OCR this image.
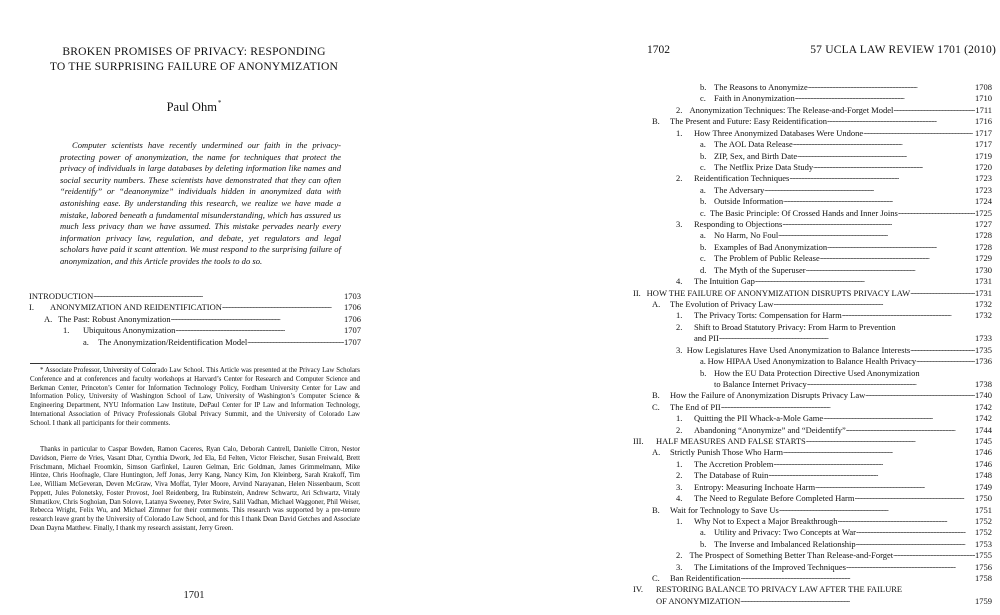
BROKEN PROMISES OF PRIVACY: RESPONDING
TO THE SURPRISING FAILURE OF ANONYMIZATION
Paul Ohm*

Computer scientists have recently undermined our faith in the privacy-protecting power of anonymization, the name for techniques that protect the privacy of individuals in large databases by deleting information like names and social security numbers. These scientists have demonstrated that they can often “reidentify” or “deanonymize” individuals hidden in anonymized data with astonishing ease. By understanding this research, we realize we have made a mistake, labored beneath a fundamental misunderstanding, which has assured us much less privacy than we have assumed. This mistake pervades nearly every information privacy law, regulation, and debate, yet regulators and legal scholars have paid it scant attention. We must respond to the surprising failure of anonymization, and this Article provides the tools to do so.

INTRODUCTION . . .	1703
I.	ANONYMIZATION AND REIDENTIFICATION . . .	1706
A. The Past: Robust Anonymization . . .	1706
1.	Ubiquitous Anonymization . . .	1707
a.	The Anonymization/Reidentification Model . . .	1707

* Associate Professor, University of Colorado Law School. This Article was presented at the Privacy Law Scholars Conference and at conferences and faculty workshops at Harvard’s Center for Research and Computer Science and Berkman Center, Princeton’s Center for Information Technology Policy, Fordham University Center for Law and Information Policy, University of Washington School of Law, University of Washington’s Computer Science & Engineering Department, NYU Information Law Institute, DePaul Center for IP Law and Information Technology, International Association of Privacy Professionals Global Privacy Summit, and the University of Colorado Law School. I thank all participants for their comments.

Thanks in particular to Caspar Bowden, Ramon Caceres, Ryan Calo, Deborah Cantrell, Danielle Citron, Nestor Davidson, Pierre de Vries, Vasant Dhar, Cynthia Dwork, Jed Ela, Ed Felten, Victor Fleischer, Susan Freiwald, Brett Frischmann, Michael Froomkin, Simson Garfinkel, Lauren Gelman, Eric Goldman, James Grimmelmann, Mike Hintze, Chris Hoofnagle, Clare Huntington, Jeff Jonas, Jerry Kang, Nancy Kim, Jon Kleinberg, Sarah Krakoff, Tim Lee, William McGeveran, Deven McGraw, Viva Moffat, Tyler Moore, Arvind Narayanan, Helen Nissenbaum, Scott Peppett, Jules Polonetsky, Foster Provost, Joel Reidenberg, Ira Rubinstein, Andrew Schwartz, Ari Schwartz, Vitaly Shmatikov, Chris Soghoian, Dan Solove, Latanya Sweeney, Peter Swire, Salil Vadhan, Michael Waggoner, Phil Weiser, Rebecca Wright, Felix Wu, and Michael Zimmer for their comments. This research was supported by a pre-tenure research leave grant by the University of Colorado Law School, and for this I thank Dean David Getches and Associate Dean Dayna Matthew. Finally, I thank my research assistant, Jerry Green.

1701
1702	57 UCLA LAW REVIEW 1701 (2010)
b. The Reasons to Anonymize . . .	1708
c. Faith in Anonymization . . .	1710
2. Anonymization Techniques: The Release-and-Forget Model . . .	1711
B.	The Present and Future: Easy Reidentification . . .	1716
1.	How Three Anonymized Databases Were Undone . . .	1717
a. The AOL Data Release . . .	1717
b. ZIP, Sex, and Birth Date . . .	1719
c. The Netflix Prize Data Study . . .	1720
2.	Reidentification Techniques . . .	1723
a. The Adversary . . .	1723
b. Outside Information . . .	1724
c. The Basic Principle: Of Crossed Hands and Inner Joins . . .	1725
3.	Responding to Objections . . .	1727
a. No Harm, No Foul . . .	1728
b. Examples of Bad Anonymization . . .	1728
c. The Problem of Public Release . . .	1729
d. The Myth of the Superuser . . .	1730
4.	The Intuition Gap . . .	1731
II. HOW THE FAILURE OF ANONYMIZATION DISRUPTS PRIVACY LAW . . .	1731
A.	The Evolution of Privacy Law . . .	1732
1.	The Privacy Torts: Compensation for Harm . . .	1732
2.	Shift to Broad Statutory Privacy: From Harm to Prevention
and PII . . .	1733
3. How Legislatures Have Used Anonymization to Balance Interests . . .	1735
a. How HIPAA Used Anonymization to Balance Health Privacy . . .	1736
b. How the EU Data Protection Directive Used Anonymization
to Balance Internet Privacy . . .	1738
B.	How the Failure of Anonymization Disrupts Privacy Law . . .	1740
C.	The End of PII . . .	1742
1.	Quitting the PII Whack-a-Mole Game . . .	1742
2.	Abandoning “Anonymize” and “Deidentify” . . .	1744
III.	HALF MEASURES AND FALSE STARTS . . .	1745
A.	Strictly Punish Those Who Harm . . .	1746
1.	The Accretion Problem . . .	1746
2.	The Database of Ruin . . .	1748
3.	Entropy: Measuring Inchoate Harm . . .	1749
4.	The Need to Regulate Before Completed Harm . . .	1750
B.	Wait for Technology to Save Us . . .	1751
1.	Why Not to Expect a Major Breakthrough . . .	1752
a. Utility and Privacy: Two Concepts at War . . .	1752
b. The Inverse and Imbalanced Relationship . . .	1753
2. The Prospect of Something Better Than Release-and-Forget . . .	1755
3.	The Limitations of the Improved Techniques . . .	1756
C.	Ban Reidentification . . .	1758
IV.	RESTORING BALANCE TO PRIVACY LAW AFTER THE FAILURE
OF ANONYMIZATION . . .	1759
